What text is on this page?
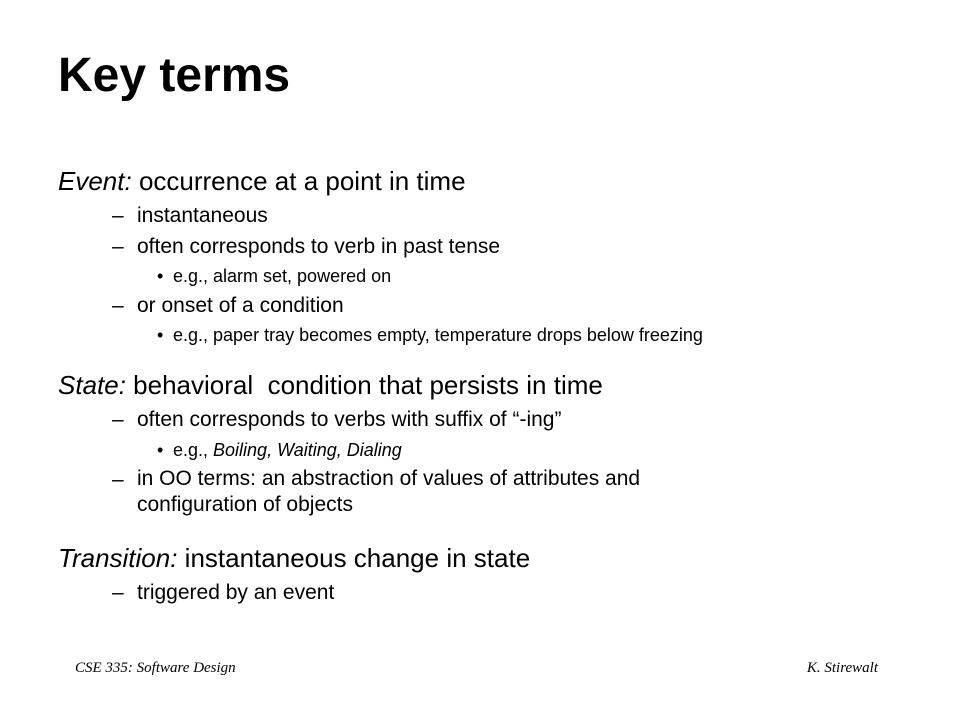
Key terms
Event: occurrence at a point in time
– instantaneous
– often corresponds to verb in past tense
• e.g., alarm set, powered on
– or onset of a condition
• e.g., paper tray becomes empty, temperature drops below freezing
State: behavioral  condition that persists in time
– often corresponds to verbs with suffix of “-ing”
• e.g., Boiling, Waiting, Dialing
– in OO terms: an abstraction of values of attributes and
configuration of objects
Transition: instantaneous change in state
– triggered by an event
CSE 335: Software Design	K. Stirewalt
